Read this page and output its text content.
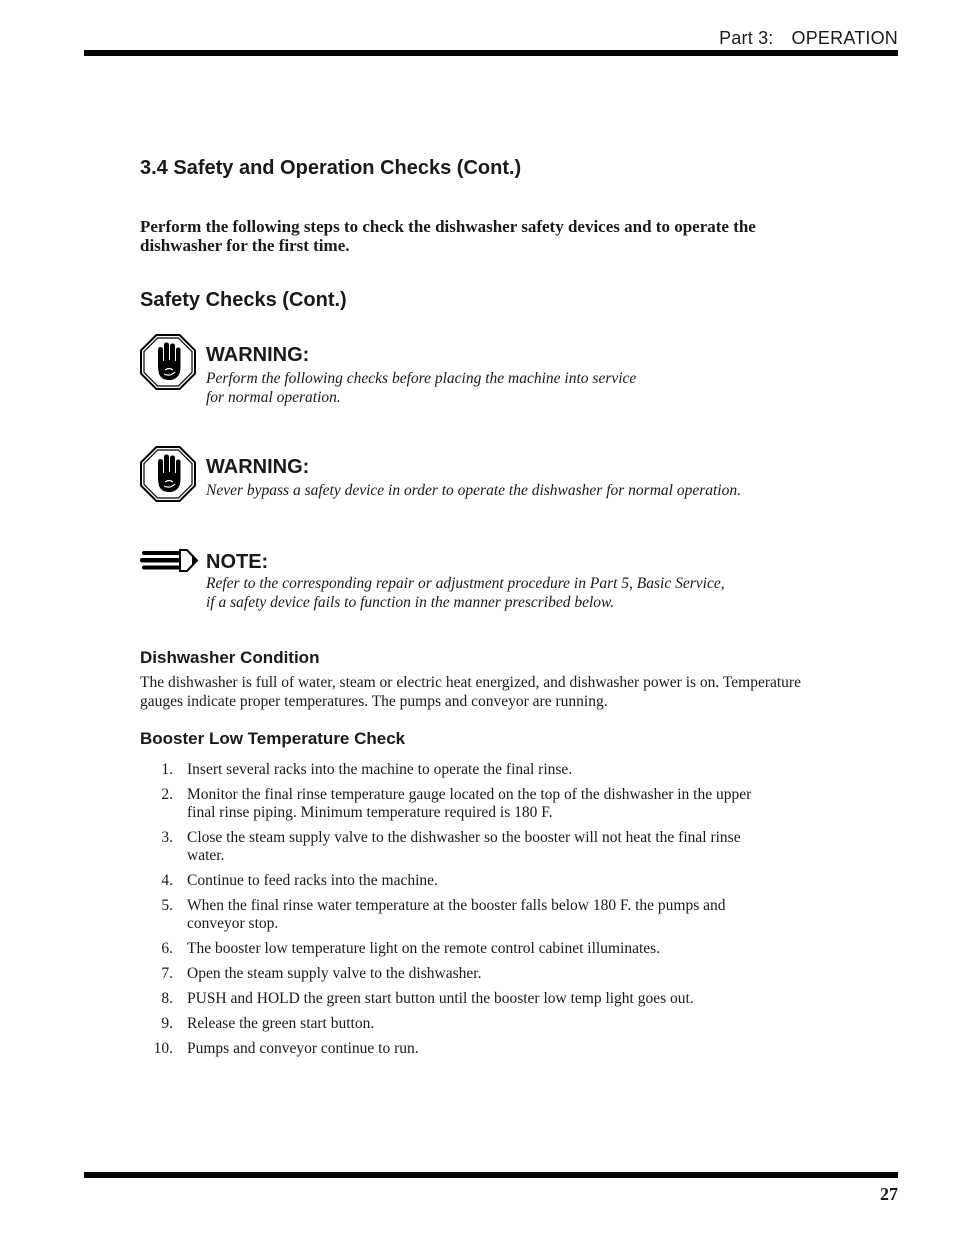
Part 3: OPERATION
3.4 Safety and Operation Checks (Cont.)

Perform the following steps to check the dishwasher safety devices and to operate the dishwasher for the first time.

Safety Checks (Cont.)
WARNING:
Perform the following checks before placing the machine into service
for normal operation.
WARNING:
Never bypass a safety device in order to operate the dishwasher for normal operation.
NOTE:
Refer to the corresponding repair or adjustment procedure in Part 5, Basic Service,
if a safety device fails to function in the manner prescribed below.
Dishwasher Condition

The dishwasher is full of water, steam or electric heat energized, and dishwasher power is on. Temperature gauges indicate proper temperatures. The pumps and conveyor are running.

Booster Low Temperature Check
1. Insert several racks into the machine to operate the final rinse.
2. Monitor the final rinse temperature gauge located on the top of the dishwasher in the upper final rinse piping. Minimum temperature required is 180 F.
3. Close the steam supply valve to the dishwasher so the booster will not heat the final rinse water.
4. Continue to feed racks into the machine.
5. When the final rinse water temperature at the booster falls below 180 F. the pumps and conveyor stop.
6. The booster low temperature light on the remote control cabinet illuminates.
7. Open the steam supply valve to the dishwasher.
8. PUSH and HOLD the green start button until the booster low temp light goes out.
9. Release the green start button.
10. Pumps and conveyor continue to run.
27
